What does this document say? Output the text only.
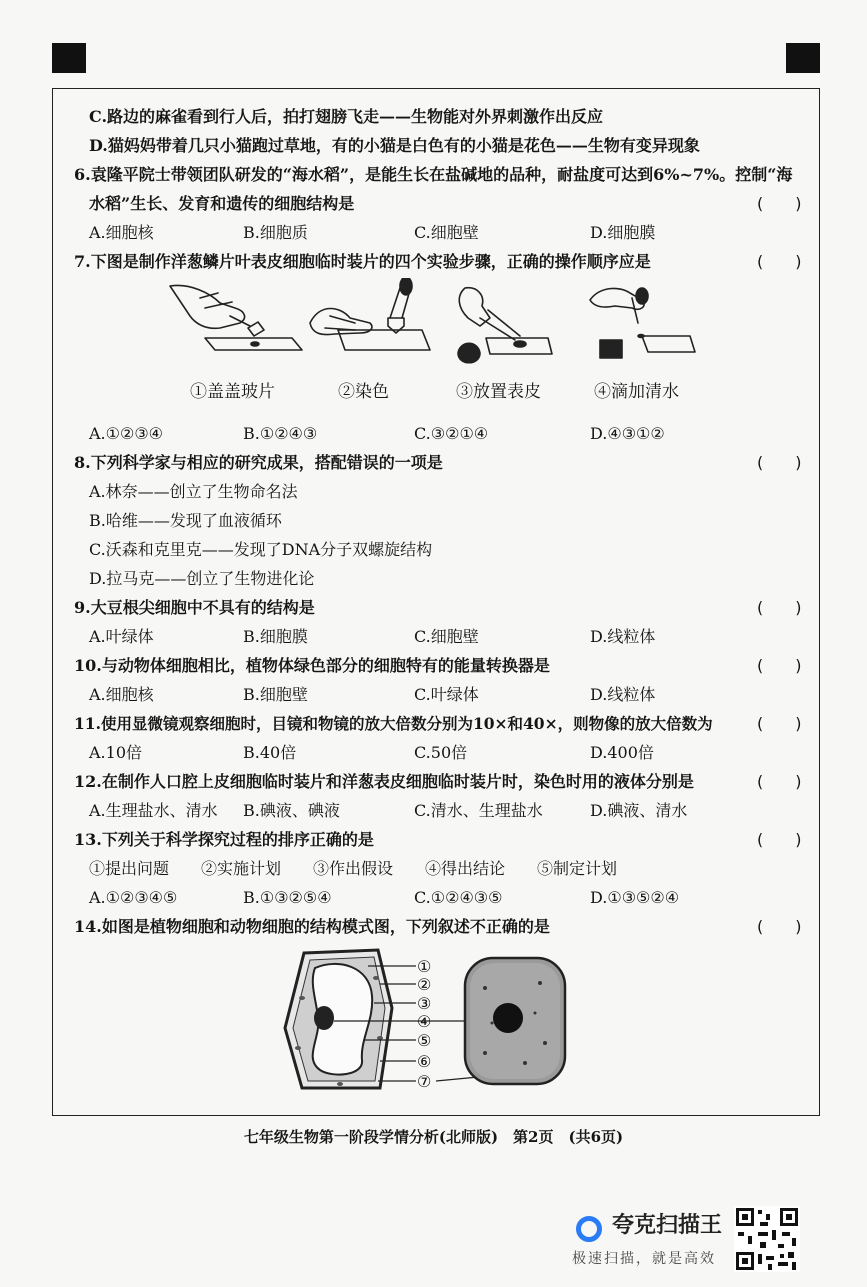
C.路边的麻雀看到行人后，拍打翅膀飞走——生物能对外界刺激作出反应
D.猫妈妈带着几只小猫跑过草地，有的小猫是白色有的小猫是花色——生物有变异现象
6.袁隆平院士带领团队研发的“海水稻”，是能生长在盐碱地的品种，耐盐度可达到6%~7%。控制“海
水稻”生长、发育和遗传的细胞结构是	(　　)
A.细胞核	B.细胞质	C.细胞壁	D.细胞膜
7.下图是制作洋葱鳞片叶表皮细胞临时装片的四个实验步骤，正确的操作顺序应是	(　　)
①盖盖玻片	②染色	③放置表皮	④滴加清水
A.①②③④	B.①②④③	C.③②①④	D.④③①②
8.下列科学家与相应的研究成果，搭配错误的一项是	(　　)
A.林奈——创立了生物命名法
B.哈维——发现了血液循环
C.沃森和克里克——发现了DNA分子双螺旋结构
D.拉马克——创立了生物进化论
9.大豆根尖细胞中不具有的结构是	(　　)
A.叶绿体	B.细胞膜	C.细胞壁	D.线粒体
10.与动物体细胞相比，植物体绿色部分的细胞特有的能量转换器是	(　　)
A.细胞核	B.细胞壁	C.叶绿体	D.线粒体
11.使用显微镜观察细胞时，目镜和物镜的放大倍数分别为10×和40×，则物像的放大倍数为	(　　)
A.10倍	B.40倍	C.50倍	D.400倍
12.在制作人口腔上皮细胞临时装片和洋葱表皮细胞临时装片时，染色时用的液体分别是	(　　)
A.生理盐水、清水 B.碘液、碘液	C.清水、生理盐水	D.碘液、清水
13.下列关于科学探究过程的排序正确的是	(　　)
①提出问题　　②实施计划　　③作出假设　　④得出结论　　⑤制定计划
A.①②③④⑤	B.①③②⑤④	C.①②④③⑤	D.①③⑤②④
14.如图是植物细胞和动物细胞的结构模式图，下列叙述不正确的是	(　　)
①
②
③
④
⑤
⑥
⑦
七年级生物第一阶段学情分析(北师版)　第2页　(共6页)
夸克扫描王
极速扫描，就是高效
